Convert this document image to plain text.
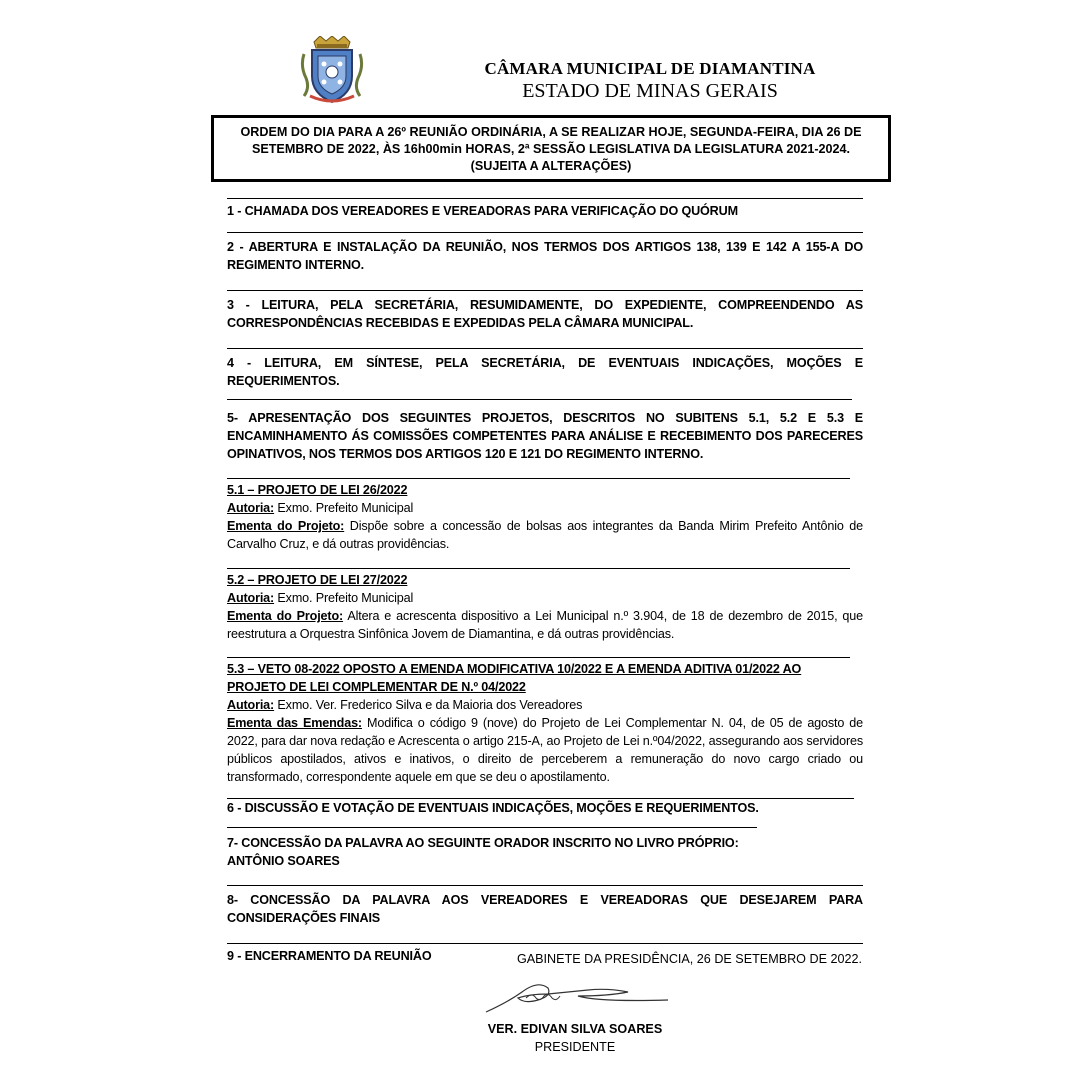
CÂMARA MUNICIPAL DE DIAMANTINA
ESTADO DE MINAS GERAIS
ORDEM DO DIA PARA A 26º REUNIÃO ORDINÁRIA, A SE REALIZAR HOJE, SEGUNDA-FEIRA, DIA 26 DE
SETEMBRO DE 2022, ÀS 16h00min HORAS, 2ª SESSÃO LEGISLATIVA DA LEGISLATURA 2021-2024.
(SUJEITA A ALTERAÇÕES)

1 - CHAMADA DOS VEREADORES E VEREADORAS PARA VERIFICAÇÃO DO QUÓRUM

2 - ABERTURA E INSTALAÇÃO DA REUNIÃO, NOS TERMOS DOS ARTIGOS 138, 139 E 142 A 155-A DO REGIMENTO INTERNO.

3 - LEITURA, PELA SECRETÁRIA, RESUMIDAMENTE, DO EXPEDIENTE, COMPREENDENDO AS CORRESPONDÊNCIAS RECEBIDAS E EXPEDIDAS PELA CÂMARA MUNICIPAL.

4 - LEITURA, EM SÍNTESE, PELA SECRETÁRIA, DE EVENTUAIS INDICAÇÕES, MOÇÕES E REQUERIMENTOS.

5- APRESENTAÇÃO DOS SEGUINTES PROJETOS, DESCRITOS NO SUBITENS 5.1, 5.2 E 5.3 E ENCAMINHAMENTO ÁS COMISSÕES COMPETENTES PARA ANÁLISE E RECEBIMENTO DOS PARECERES OPINATIVOS, NOS TERMOS DOS ARTIGOS 120 E 121 DO REGIMENTO INTERNO.

5.1 – PROJETO DE LEI 26/2022

Autoria: Exmo. Prefeito Municipal

Ementa do Projeto: Dispõe sobre a concessão de bolsas aos integrantes da Banda Mirim Prefeito Antônio de Carvalho Cruz, e dá outras providências.

5.2 – PROJETO DE LEI 27/2022

Autoria: Exmo. Prefeito Municipal

Ementa do Projeto: Altera e acrescenta dispositivo a Lei Municipal n.º 3.904, de 18 de dezembro de 2015, que reestrutura a Orquestra Sinfônica Jovem de Diamantina, e dá outras providências.

5.3 – VETO 08-2022 OPOSTO A EMENDA MODIFICATIVA 10/2022 E A EMENDA ADITIVA 01/2022 AO PROJETO DE LEI COMPLEMENTAR DE N.º 04/2022

Autoria: Exmo. Ver. Frederico Silva e da Maioria dos Vereadores

Ementa das Emendas: Modifica o código 9 (nove) do Projeto de Lei Complementar N. 04, de 05 de agosto de 2022, para dar nova redação e Acrescenta o artigo 215-A, ao Projeto de Lei n.º04/2022, assegurando aos servidores públicos apostilados, ativos e inativos, o direito de perceberem a remuneração do novo cargo criado ou transformado, correspondente aquele em que se deu o apostilamento.

6 - DISCUSSÃO E VOTAÇÃO DE EVENTUAIS INDICAÇÕES, MOÇÕES E REQUERIMENTOS.

7- CONCESSÃO DA PALAVRA AO SEGUINTE ORADOR INSCRITO NO LIVRO PRÓPRIO:

ANTÔNIO SOARES

8- CONCESSÃO DA PALAVRA AOS VEREADORES E VEREADORAS QUE DESEJAREM PARA CONSIDERAÇÕES FINAIS

9 - ENCERRAMENTO DA REUNIÃO	GABINETE DA PRESIDÊNCIA, 26 DE SETEMBRO DE 2022.
VER. EDIVAN SILVA SOARES
PRESIDENTE
